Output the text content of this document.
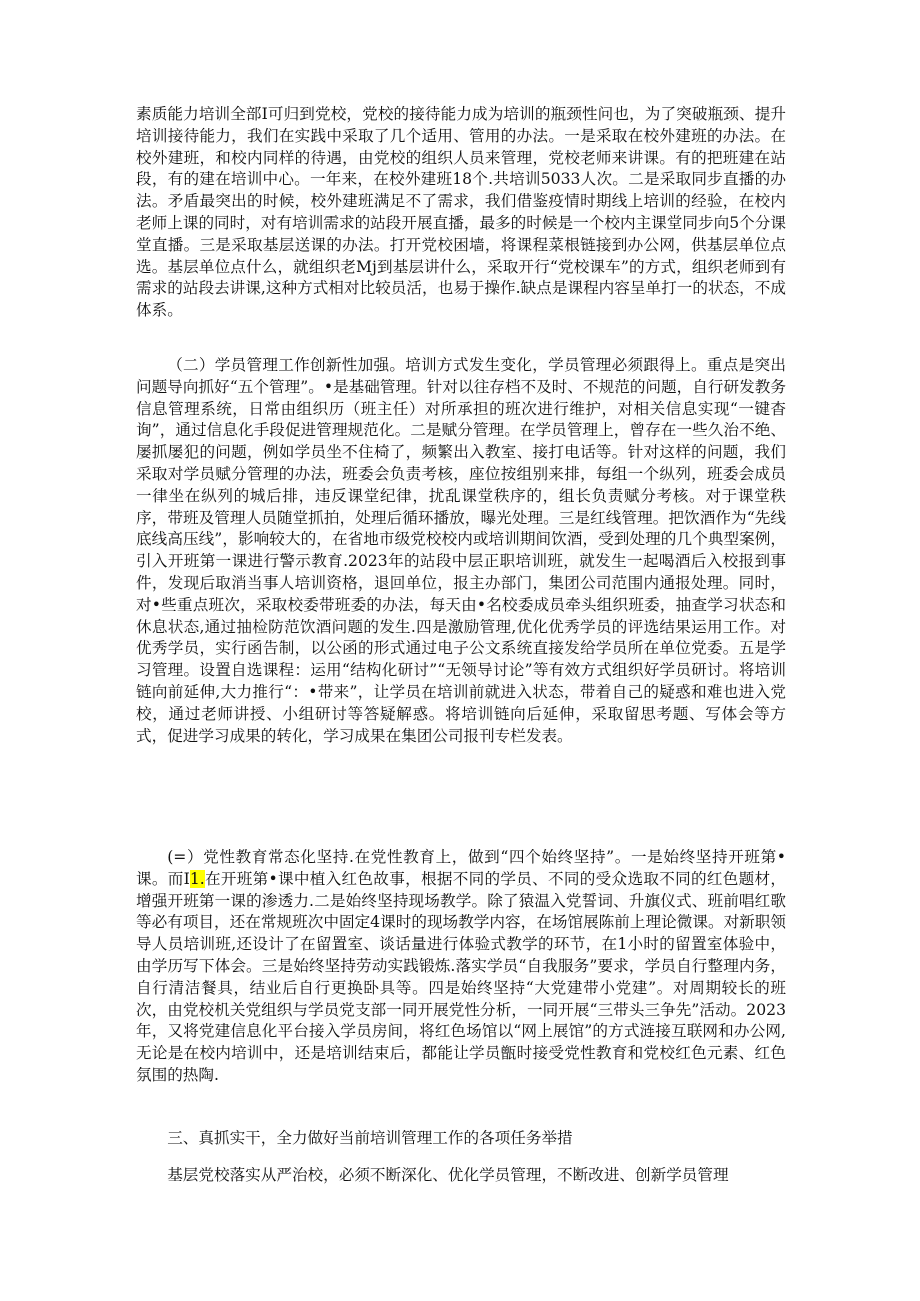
素质能力培训全部I可归到党校，党校的接待能力成为培训的瓶颈性问也，为了突破瓶颈、提升培训接待能力，我们在实践中采取了几个适用、管用的办法。一是采取在校外建班的办法。在校外建班，和校内同样的待遇，由党校的组织人员来管理，党校老师来讲课。有的把班建在站段，有的建在培训中心。一年来，在校外建班18个.共培训5033人次。二是采取同步直播的办法。矛盾最突出的时候，校外建班满足不了需求，我们借鉴疫情时期线上培训的经验，在校内老师上课的同时，对有培训需求的站段开展直播，最多的时候是一个校内主课堂同步向5个分课堂直播。三是采取基层送课的办法。打开党校困墙，将课程菜根链接到办公网，供基层单位点选。基层单位点什么，就组织老Mj到基层讲什么，采取开行“党校课车”的方式，组织老师到有需求的站段去讲课,这种方式相对比较员活，也易于操作.缺点是课程内容呈单打一的状态，不成体系。

（二）学员管理工作创新性加强。培训方式发生变化，学员管理必须跟得上。重点是突出问题导向抓好“五个管理”。•是基础管理。针对以往存档不及时、不规范的问题，自行研发教务信息管理系统，日常由组织历（班主任）对所承担的班次进行维护，对相关信息实现“一键杳询”，通过信息化手段促进管理规范化。二是赋分管理。在学员管理上，曾存在一些久治不绝、屡抓屡犯的问题，例如学员坐不住椅了，频繁出入教室、接打电话等。针对这样的问题，我们采取对学员赋分管理的办法，班委会负责考核，座位按组别来排，每组一个纵列，班委会成员一律坐在纵列的城后排，违反课堂纪律，扰乱课堂秩序的，组长负责赋分考核。对于课堂秩序，带班及管理人员随堂抓拍，处理后循环播放，曝光处理。三是红线管理。把饮酒作为“先线底线高压线”，影响较大的，在省地市级党校校内或培训期间饮酒，受到处理的几个典型案例，引入开班第一课进行警示教育.2023年的站段中层正职培训班，就发生一起喝酒后入校报到事件，发现后取消当事人培训资格，退回单位，报主办部门，集团公司范围内通报处理。同时，对•些重点班次，采取校委带班委的办法，每天由•名校委成员牵头组织班委，抽查学习状态和休息状态,通过抽检防范饮酒问题的发生.四是激励管理,优化优秀学员的评选结果运用工作。对优秀学员，实行函告制，以公函的形式通过电子公文系统直接发给学员所在单位党委。五是学习管理。设置自选课程：运用“结构化研讨”“无领导讨论”等有效方式组织好学员研讨。将培训链向前延伸,大力推行“：•带来”，让学员在培训前就进入状态，带着自己的疑惑和难也进入党校，通过老师讲授、小组研讨等答疑解惑。将培训链向后延伸，采取留思考题、写体会等方式，促进学习成果的转化，学习成果在集团公司报刊专栏发表。

(=）党性教育常态化坚持.在党性教育上，做到“四个始终坚持”。一是始终坚持开班第•课。而I1.在开班第•课中植入红色故事，根据不同的学员、不同的受众选取不同的红色题材，增强开班第一课的渗透力.二是始终坚持现场教学。除了猿温入党誓词、升旗仪式、班前唱红歌等必有项目，还在常规班次中固定4课时的现场教学内容，在场馆展陈前上理论微课。对新职领导人员培训班,还设计了在留置室、谈话量进行体验式教学的环节，在1小时的留置室体验中，由学历写下体会。三是始终坚持劳动实践锻炼.落实学员“自我服务”要求，学员自行整理内务，自行清洁餐具，结业后自行更换卧具等。四是始终坚持“大党建带小党建”。对周期较长的班次，由党校机关党组织与学员党支部一同开展党性分析，一同开展“三带头三争先”活动。2023年，又将党建信息化平台接入学员房间，将红色场馆以“网上展馆”的方式涟接互联网和办公网,无论是在校内培训中，还是培训结束后，都能让学员甑时接受党性教育和党校红色元素、红色氛围的热陶.

三、真抓实干，全力做好当前培训管理工作的各项任务举措

基层党校落实从严治校，必须不断深化、优化学员管理，不断改进、创新学员管理
